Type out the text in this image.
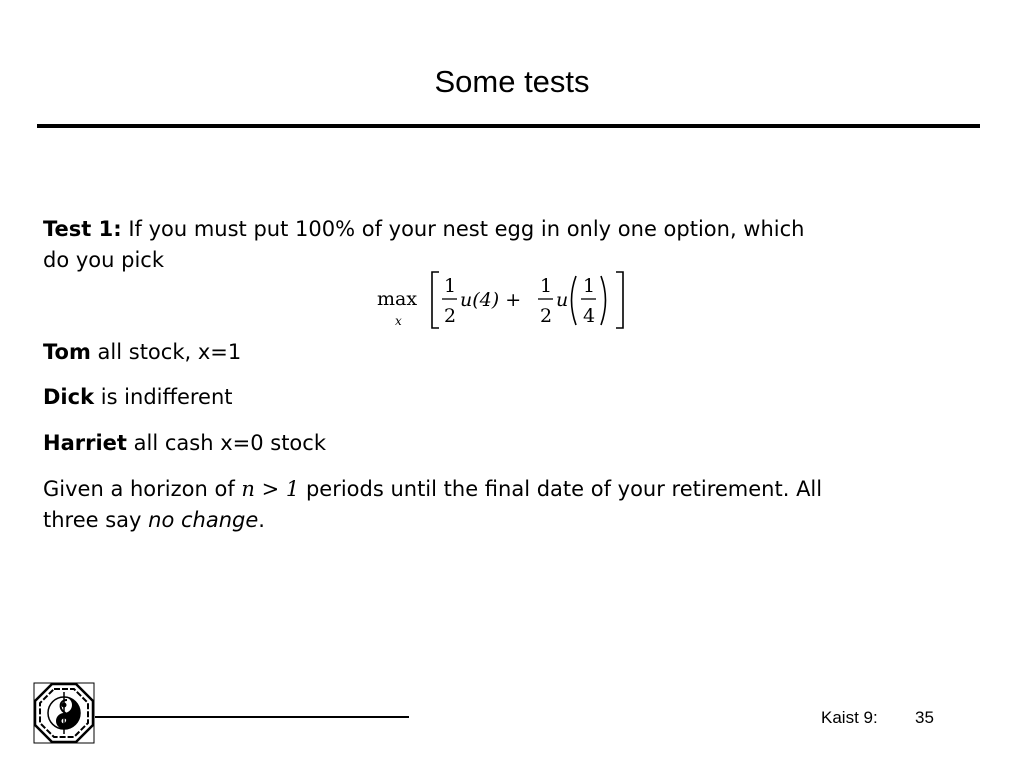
Some tests
Test 1: If you must put 100% of your nest egg in only one option, which
do you pick
max
x
1
2
u(4) +
1
2
u
1
4
Tom all stock, x=1
Dick is indifferent
Harriet all cash x=0 stock
Given a horizon of n > 1 periods until the final date of your retirement. All
three say no change.
Kaist 9: 35
